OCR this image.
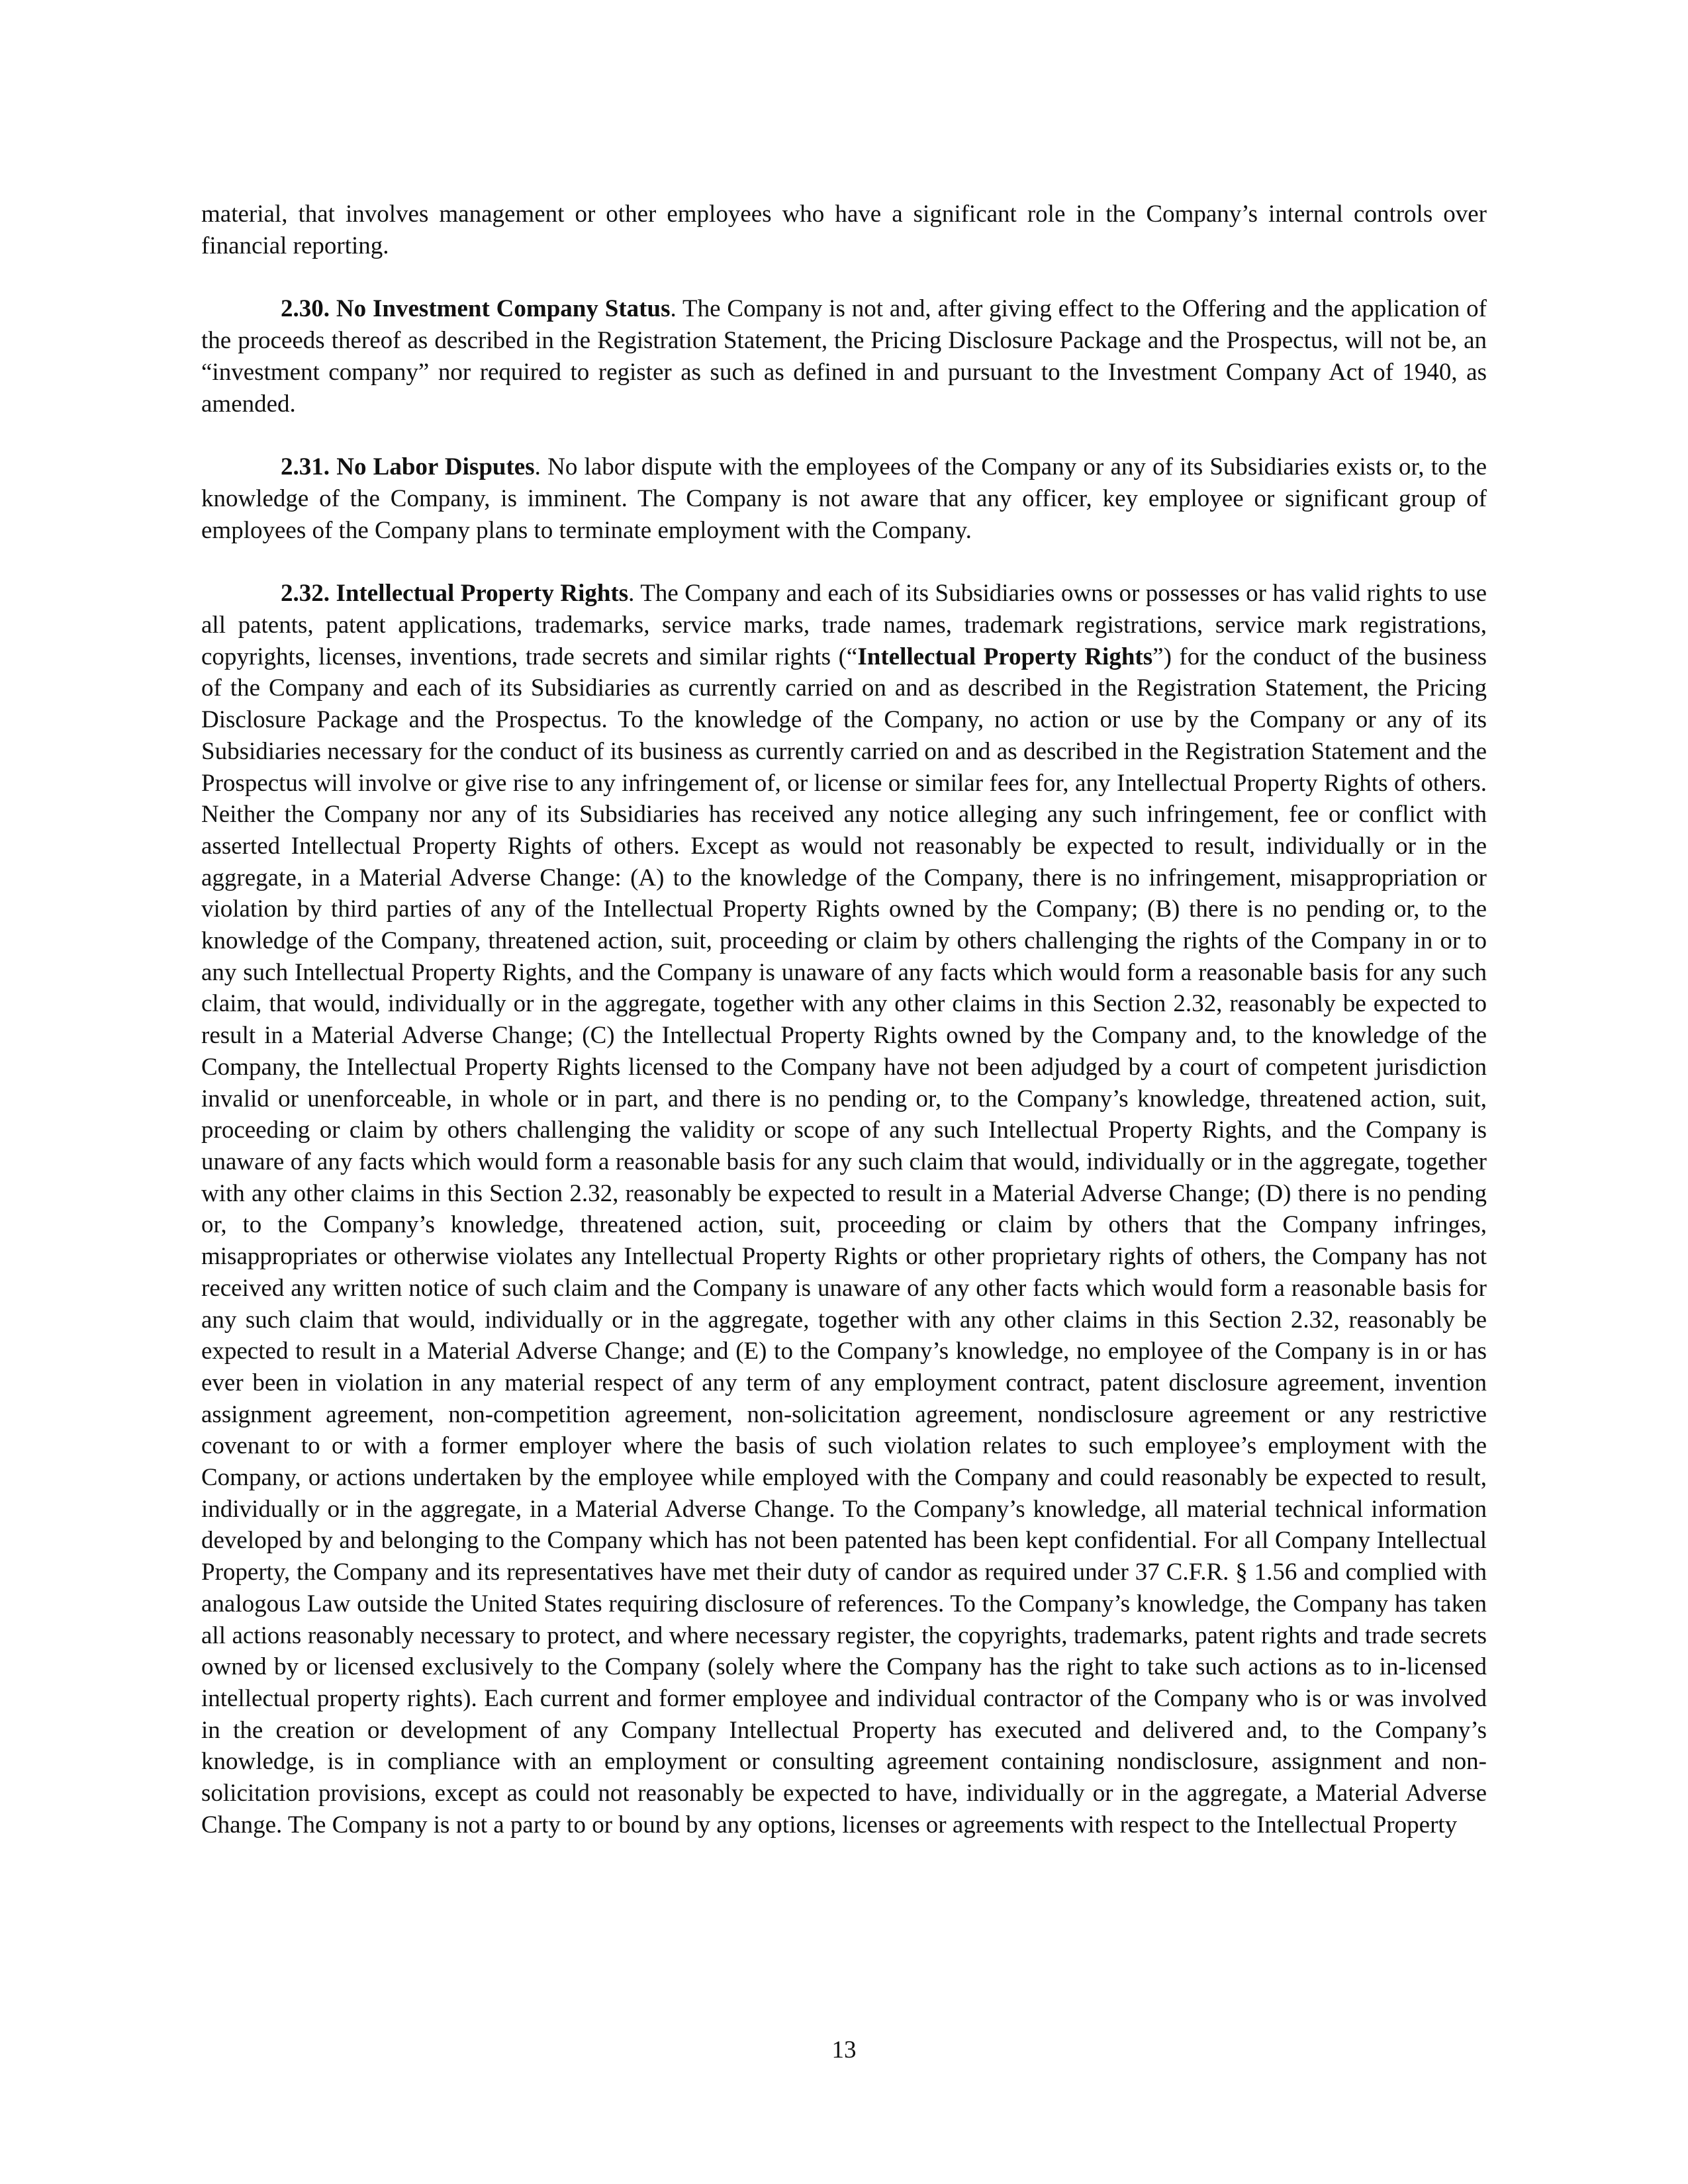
material, that involves management or other employees who have a significant role in the Company’s internal controls over financial reporting.

2.30. No Investment Company Status. The Company is not and, after giving effect to the Offering and the application of the proceeds thereof as described in the Registration Statement, the Pricing Disclosure Package and the Prospectus, will not be, an “investment company” nor required to register as such as defined in and pursuant to the Investment Company Act of 1940, as amended.

2.31. No Labor Disputes. No labor dispute with the employees of the Company or any of its Subsidiaries exists or, to the knowledge of the Company, is imminent. The Company is not aware that any officer, key employee or significant group of employees of the Company plans to terminate employment with the Company.

2.32. Intellectual Property Rights. The Company and each of its Subsidiaries owns or possesses or has valid rights to use all patents, patent applications, trademarks, service marks, trade names, trademark registrations, service mark registrations, copyrights, licenses, inventions, trade secrets and similar rights (“Intellectual Property Rights”) for the conduct of the business of the Company and each of its Subsidiaries as currently carried on and as described in the Registration Statement, the Pricing Disclosure Package and the Prospectus. To the knowledge of the Company, no action or use by the Company or any of its Subsidiaries necessary for the conduct of its business as currently carried on and as described in the Registration Statement and the Prospectus will involve or give rise to any infringement of, or license or similar fees for, any Intellectual Property Rights of others. Neither the Company nor any of its Subsidiaries has received any notice alleging any such infringement, fee or conflict with asserted Intellectual Property Rights of others. Except as would not reasonably be expected to result, individually or in the aggregate, in a Material Adverse Change: (A) to the knowledge of the Company, there is no infringement, misappropriation or violation by third parties of any of the Intellectual Property Rights owned by the Company; (B) there is no pending or, to the knowledge of the Company, threatened action, suit, proceeding or claim by others challenging the rights of the Company in or to any such Intellectual Property Rights, and the Company is unaware of any facts which would form a reasonable basis for any such claim, that would, individually or in the aggregate, together with any other claims in this Section 2.32, reasonably be expected to result in a Material Adverse Change; (C) the Intellectual Property Rights owned by the Company and, to the knowledge of the Company, the Intellectual Property Rights licensed to the Company have not been adjudged by a court of competent jurisdiction invalid or unenforceable, in whole or in part, and there is no pending or, to the Company’s knowledge, threatened action, suit, proceeding or claim by others challenging the validity or scope of any such Intellectual Property Rights, and the Company is unaware of any facts which would form a reasonable basis for any such claim that would, individually or in the aggregate, together with any other claims in this Section 2.32, reasonably be expected to result in a Material Adverse Change; (D) there is no pending or, to the Company’s knowledge, threatened action, suit, proceeding or claim by others that the Company infringes, misappropriates or otherwise violates any Intellectual Property Rights or other proprietary rights of others, the Company has not received any written notice of such claim and the Company is unaware of any other facts which would form a reasonable basis for any such claim that would, individually or in the aggregate, together with any other claims in this Section 2.32, reasonably be expected to result in a Material Adverse Change; and (E) to the Company’s knowledge, no employee of the Company is in or has ever been in violation in any material respect of any term of any employment contract, patent disclosure agreement, invention assignment agreement, non-competition agreement, non-solicitation agreement, nondisclosure agreement or any restrictive covenant to or with a former employer where the basis of such violation relates to such employee’s employment with the Company, or actions undertaken by the employee while employed with the Company and could reasonably be expected to result, individually or in the aggregate, in a Material Adverse Change. To the Company’s knowledge, all material technical information developed by and belonging to the Company which has not been patented has been kept confidential. For all Company Intellectual Property, the Company and its representatives have met their duty of candor as required under 37 C.F.R. § 1.56 and complied with analogous Law outside the United States requiring disclosure of references. To the Company’s knowledge, the Company has taken all actions reasonably necessary to protect, and where necessary register, the copyrights, trademarks, patent rights and trade secrets owned by or licensed exclusively to the Company (solely where the Company has the right to take such actions as to in-licensed intellectual property rights). Each current and former employee and individual contractor of the Company who is or was involved in the creation or development of any Company Intellectual Property has executed and delivered and, to the Company’s knowledge, is in compliance with an employment or consulting agreement containing nondisclosure, assignment and non-solicitation provisions, except as could not reasonably be expected to have, individually or in the aggregate, a Material Adverse Change. The Company is not a party to or bound by any options, licenses or agreements with respect to the Intellectual Property

13
